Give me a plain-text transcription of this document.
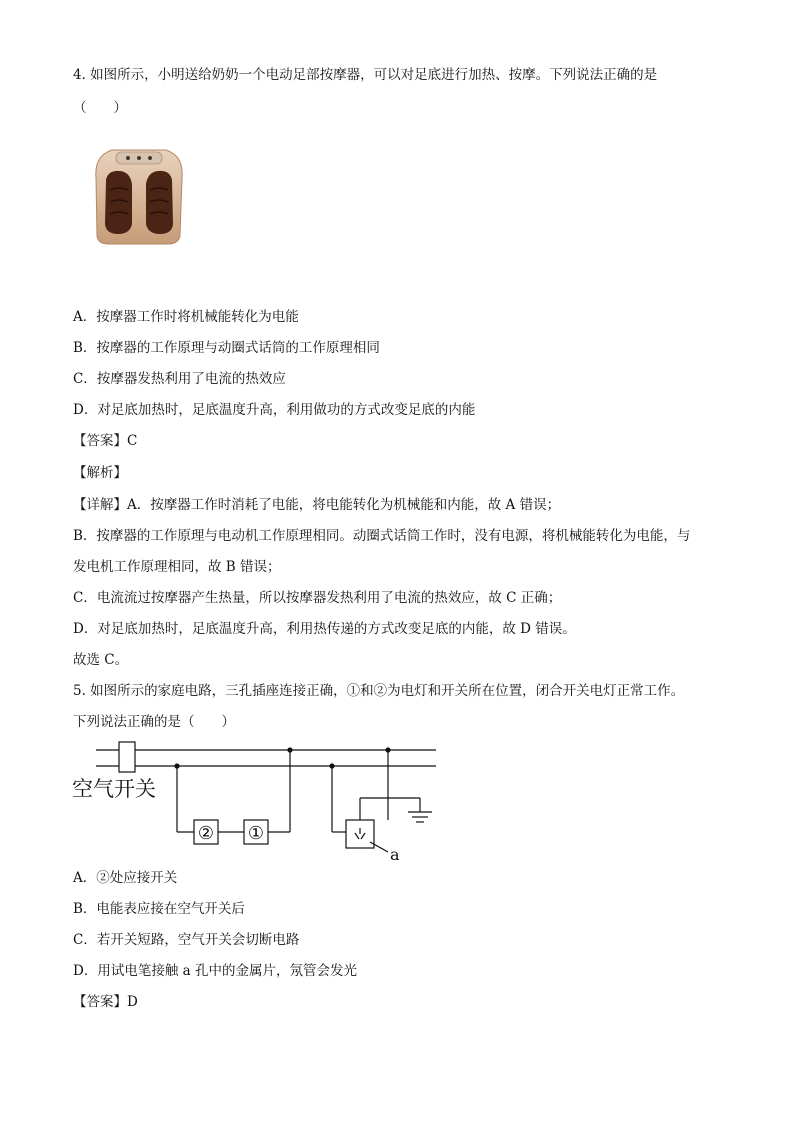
4. 如图所示，小明送给奶奶一个电动足部按摩器，可以对足底进行加热、按摩。下列说法正确的是
（　　）
A．按摩器工作时将机械能转化为电能
B．按摩器的工作原理与动圈式话筒的工作原理相同
C．按摩器发热利用了电流的热效应
D．对足底加热时，足底温度升高，利用做功的方式改变足底的内能
【答案】C
【解析】
【详解】A．按摩器工作时消耗了电能，将电能转化为机械能和内能，故 A 错误；
B．按摩器的工作原理与电动机工作原理相同。动圈式话筒工作时，没有电源，将机械能转化为电能，与
发电机工作原理相同，故 B 错误；
C．电流流过按摩器产生热量，所以按摩器发热利用了电流的热效应，故 C 正确；
D．对足底加热时，足底温度升高，利用热传递的方式改变足底的内能，故 D 错误。
故选 C。
5. 如图所示的家庭电路，三孔插座连接正确，①和②为电灯和开关所在位置，闭合开关电灯正常工作。
下列说法正确的是（　　）
空气开关
② ①
a
A．②处应接开关
B．电能表应接在空气开关后
C．若开关短路，空气开关会切断电路
D．用试电笔接触 a 孔中的金属片，氖管会发光
【答案】D
